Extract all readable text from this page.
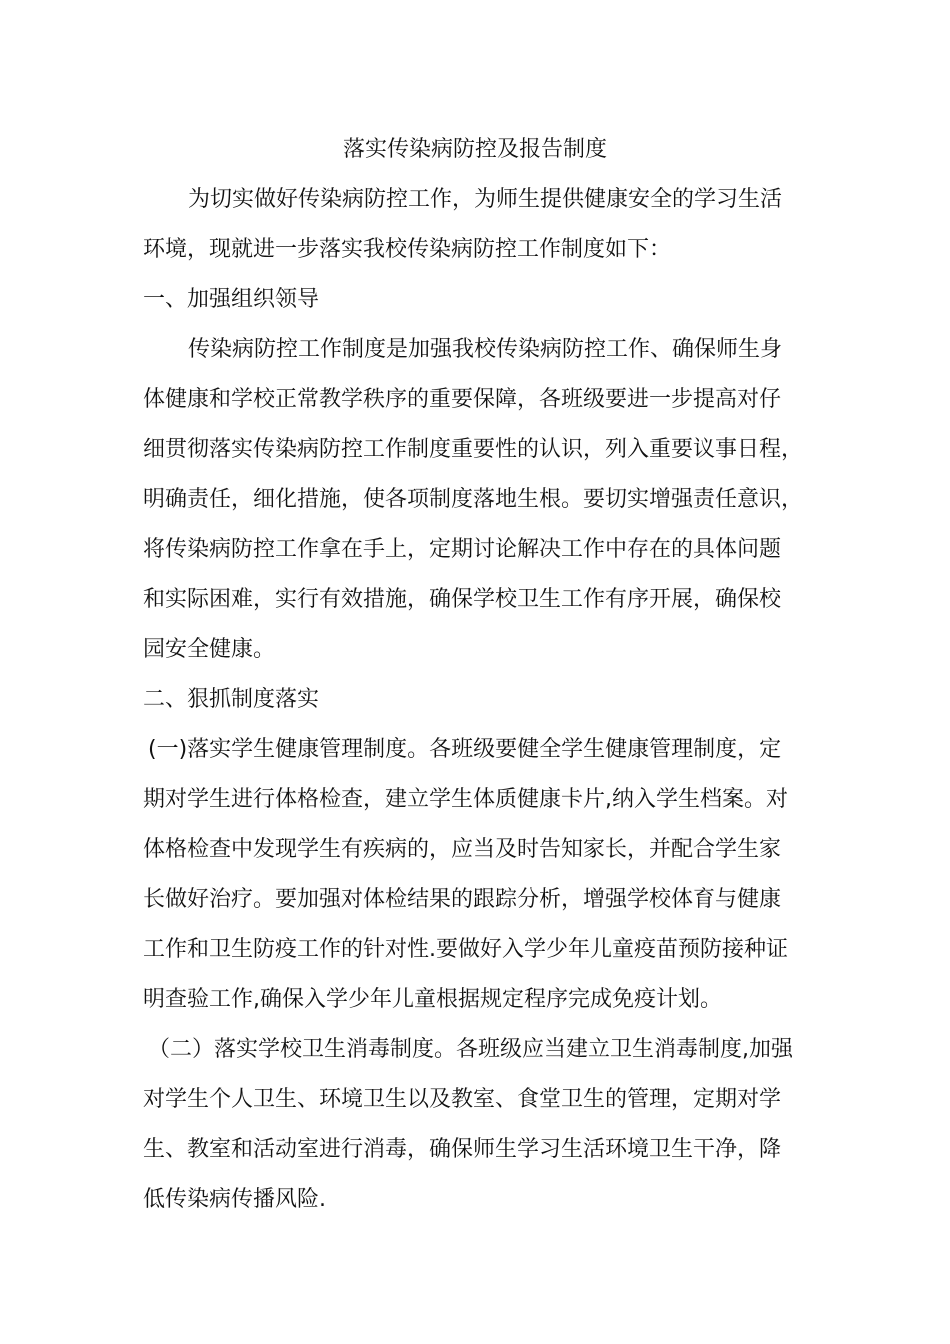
落实传染病防控及报告制度
为切实做好传染病防控工作，为师生提供健康安全的学习生活
环境，现就进一步落实我校传染病防控工作制度如下：
一、加强组织领导
传染病防控工作制度是加强我校传染病防控工作、确保师生身
体健康和学校正常教学秩序的重要保障，各班级要进一步提高对仔
细贯彻落实传染病防控工作制度重要性的认识，列入重要议事日程，
明确责任，细化措施，使各项制度落地生根。要切实增强责任意识，
将传染病防控工作拿在手上，定期讨论解决工作中存在的具体问题
和实际困难，实行有效措施，确保学校卫生工作有序开展，确保校
园安全健康。
二、狠抓制度落实
(一)落实学生健康管理制度。各班级要健全学生健康管理制度，定
期对学生进行体格检查，建立学生体质健康卡片,纳入学生档案。对
体格检查中发现学生有疾病的，应当及时告知家长，并配合学生家
长做好治疗。要加强对体检结果的跟踪分析，增强学校体育与健康
工作和卫生防疫工作的针对性.要做好入学少年儿童疫苗预防接种证
明查验工作,确保入学少年儿童根据规定程序完成免疫计划。
（二）落实学校卫生消毒制度。各班级应当建立卫生消毒制度,加强
对学生个人卫生、环境卫生以及教室、食堂卫生的管理，定期对学
生、教室和活动室进行消毒，确保师生学习生活环境卫生干净，降
低传染病传播风险.
